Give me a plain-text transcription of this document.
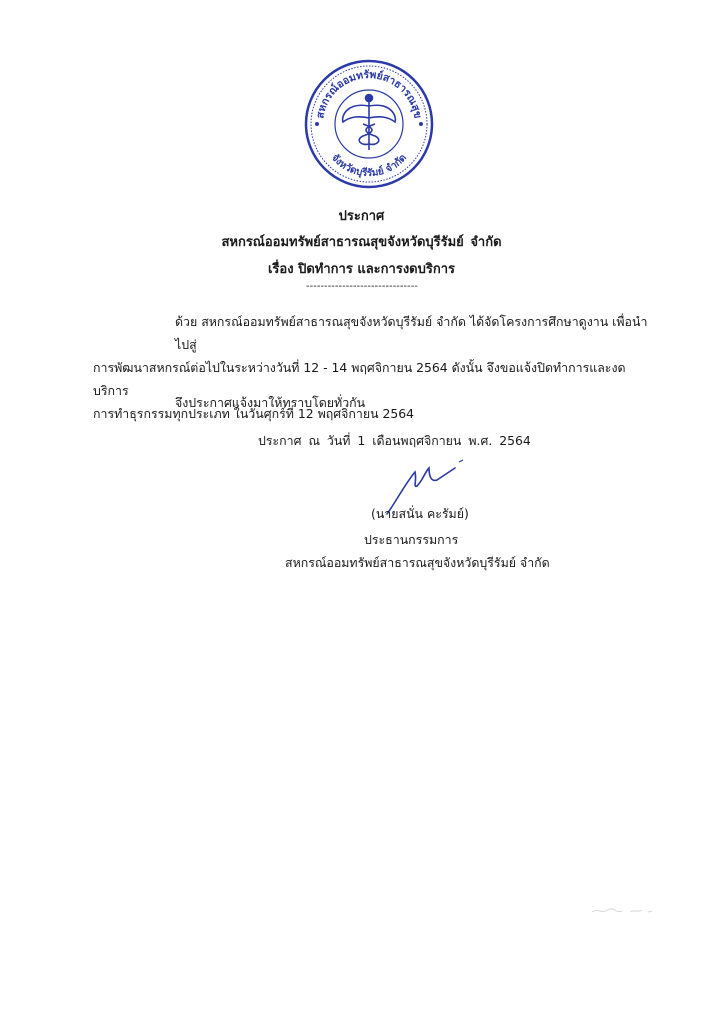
สหกรณ์ออมทรัพย์สาธารณสุข
จังหวัดบุรีรัมย์ จำกัด
ประกาศ
สหกรณ์ออมทรัพย์สาธารณสุขจังหวัดบุรีรัมย์ จำกัด
เรื่อง ปิดทำการ และการงดบริการ
-------------------------------
ด้วย สหกรณ์ออมทรัพย์สาธารณสุขจังหวัดบุรีรัมย์ จำกัด ได้จัดโครงการศึกษาดูงาน เพื่อนำไปสู่
การพัฒนาสหกรณ์ต่อไปในระหว่างวันที่ 12 - 14 พฤศจิกายน 2564 ดังนั้น จึงขอแจ้งปิดทำการและงดบริการ
การทำธุรกรรมทุกประเภท ในวันศุกร์ที่ 12 พฤศจิกายน 2564
จึงประกาศแจ้งมาให้ทราบโดยทั่วกัน
ประกาศ ณ วันที่ 1 เดือนพฤศจิกายน พ.ศ. 2564
(นายสนั่น คะรัมย์)
ประธานกรรมการ
สหกรณ์ออมทรัพย์สาธารณสุขจังหวัดบุรีรัมย์ จำกัด
